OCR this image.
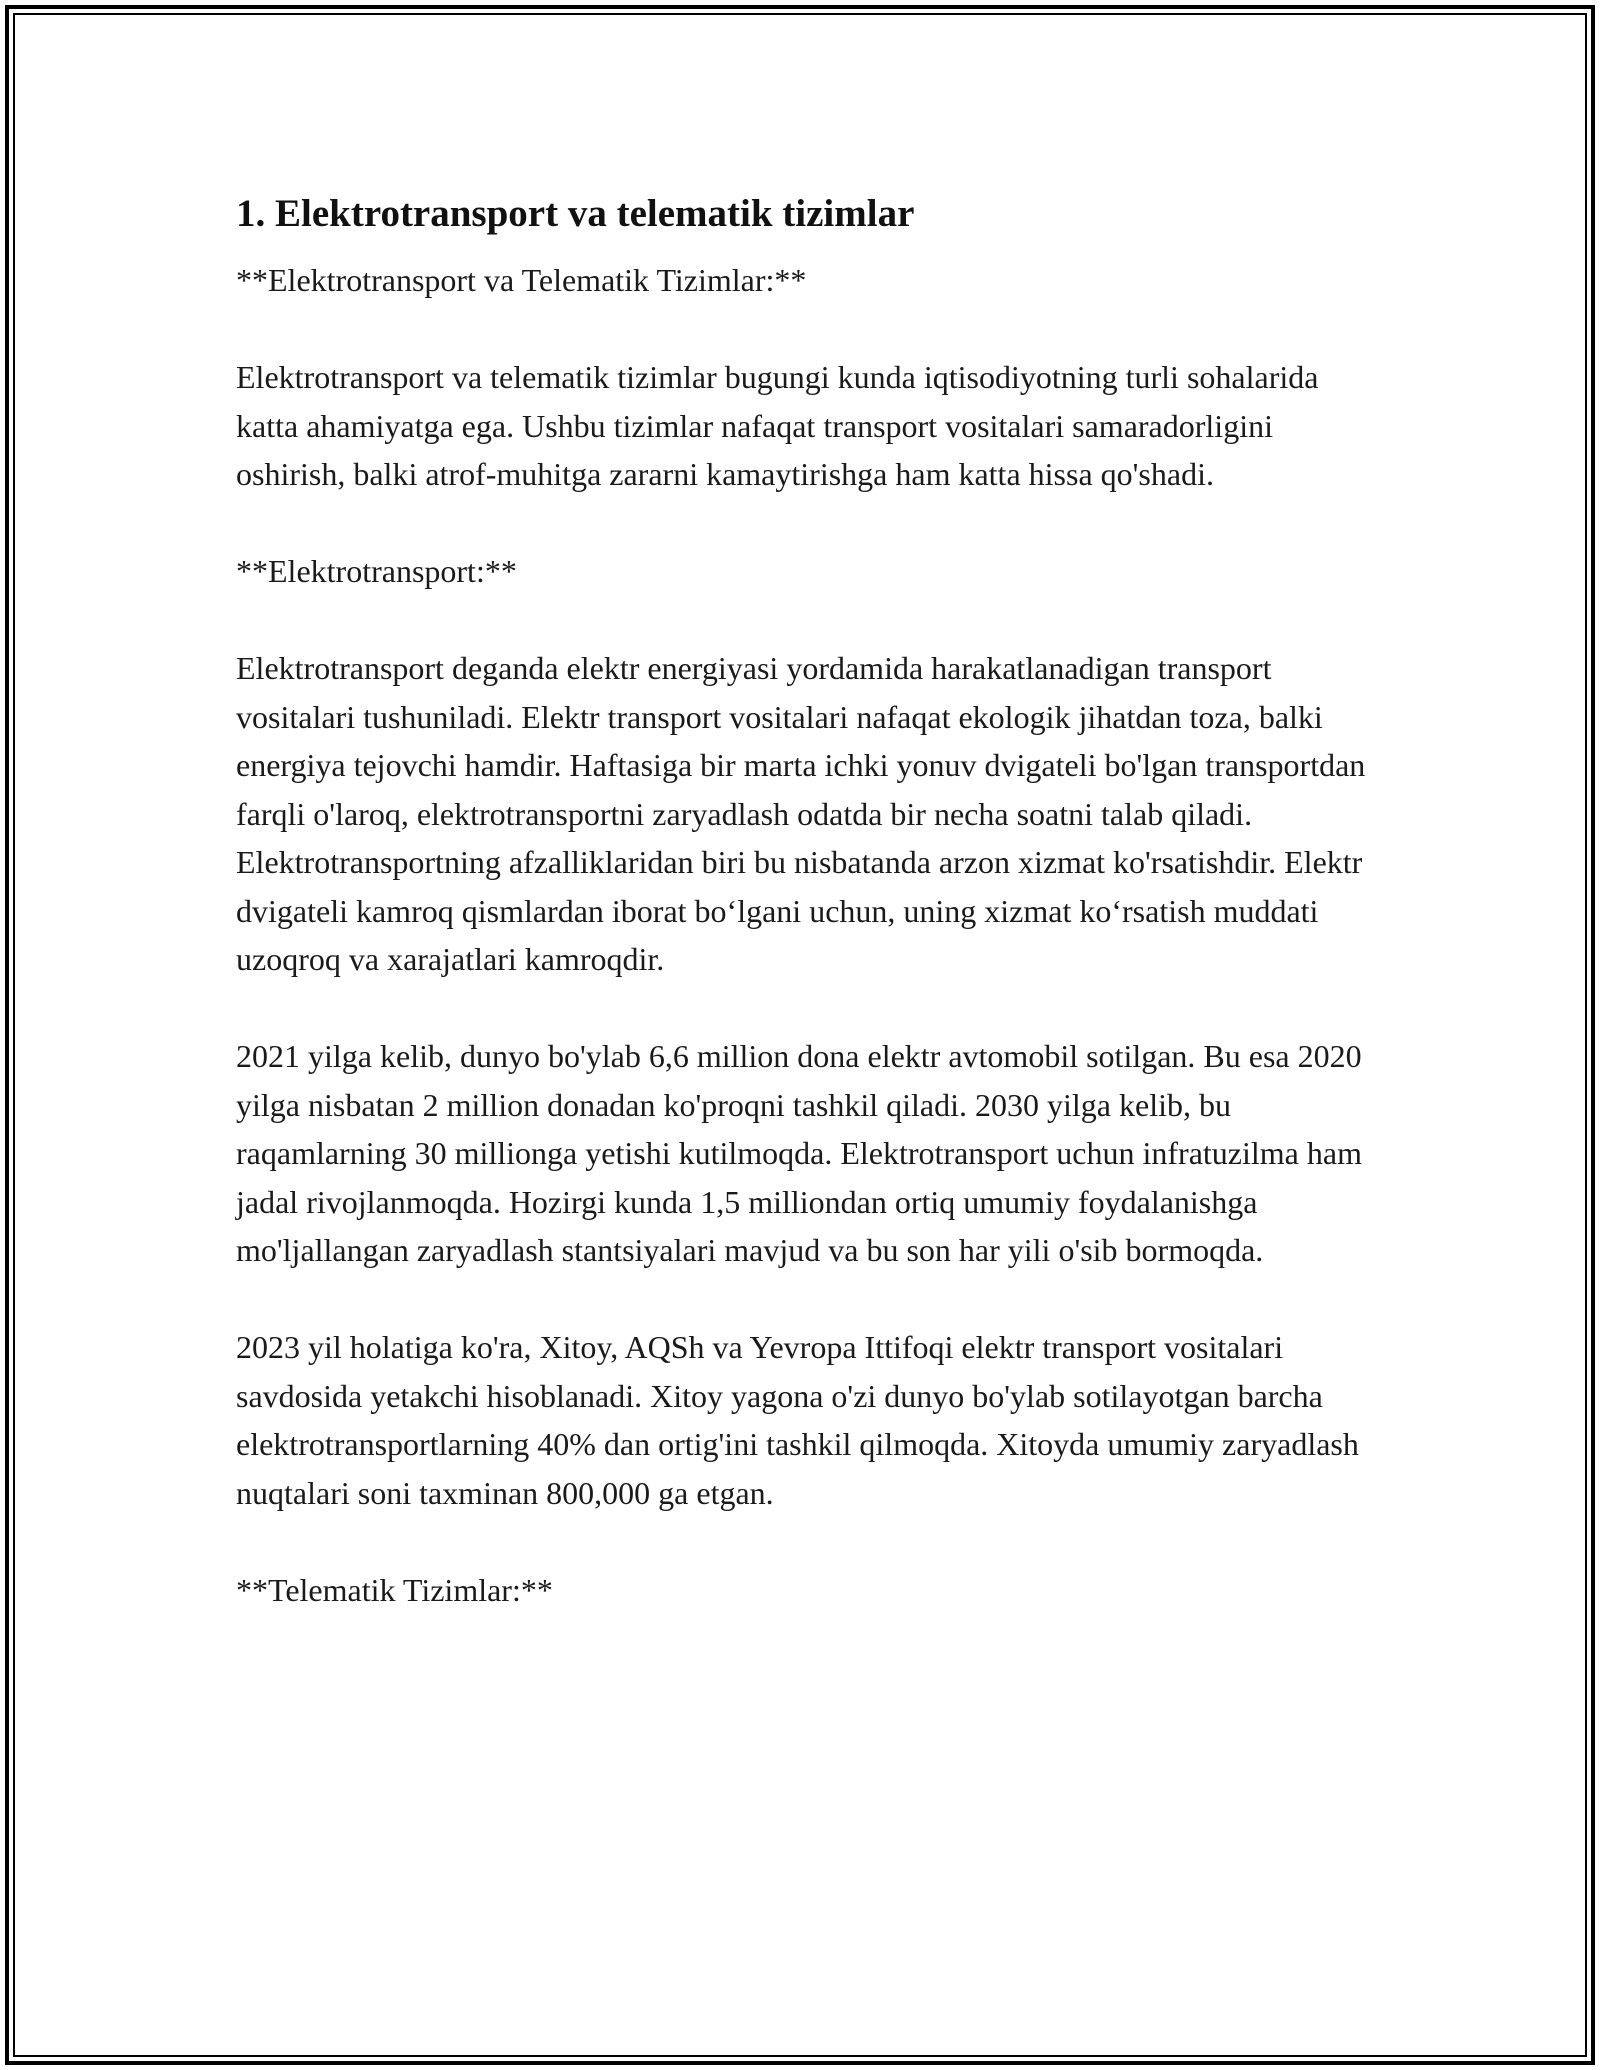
1. Elektrotransport va telematik tizimlar

**Elektrotransport va Telematik Tizimlar:**

Elektrotransport va telematik tizimlar bugungi kunda iqtisodiyotning turli sohalarida katta ahamiyatga ega. Ushbu tizimlar nafaqat transport vositalari samaradorligini oshirish, balki atrof-muhitga zararni kamaytirishga ham katta hissa qo'shadi.

**Elektrotransport:**

Elektrotransport deganda elektr energiyasi yordamida harakatlanadigan transport vositalari tushuniladi. Elektr transport vositalari nafaqat ekologik jihatdan toza, balki energiya tejovchi hamdir. Haftasiga bir marta ichki yonuv dvigateli bo'lgan transportdan farqli o'laroq, elektrotransportni zaryadlash odatda bir necha soatni talab qiladi. Elektrotransportning afzalliklaridan biri bu nisbatanda arzon xizmat ko'rsatishdir. Elektr dvigateli kamroq qismlardan iborat bo‘lgani uchun, uning xizmat ko‘rsatish muddati uzoqroq va xarajatlari kamroqdir.

2021 yilga kelib, dunyo bo'ylab 6,6 million dona elektr avtomobil sotilgan. Bu esa 2020 yilga nisbatan 2 million donadan ko'proqni tashkil qiladi. 2030 yilga kelib, bu raqamlarning 30 millionga yetishi kutilmoqda. Elektrotransport uchun infratuzilma ham jadal rivojlanmoqda. Hozirgi kunda 1,5 milliondan ortiq umumiy foydalanishga mo'ljallangan zaryadlash stantsiyalari mavjud va bu son har yili o'sib bormoqda.

2023 yil holatiga ko'ra, Xitoy, AQSh va Yevropa Ittifoqi elektr transport vositalari savdosida yetakchi hisoblanadi. Xitoy yagona o'zi dunyo bo'ylab sotilayotgan barcha elektrotransportlarning 40% dan ortig'ini tashkil qilmoqda. Xitoyda umumiy zaryadlash nuqtalari soni taxminan 800,000 ga etgan.

**Telematik Tizimlar:**
